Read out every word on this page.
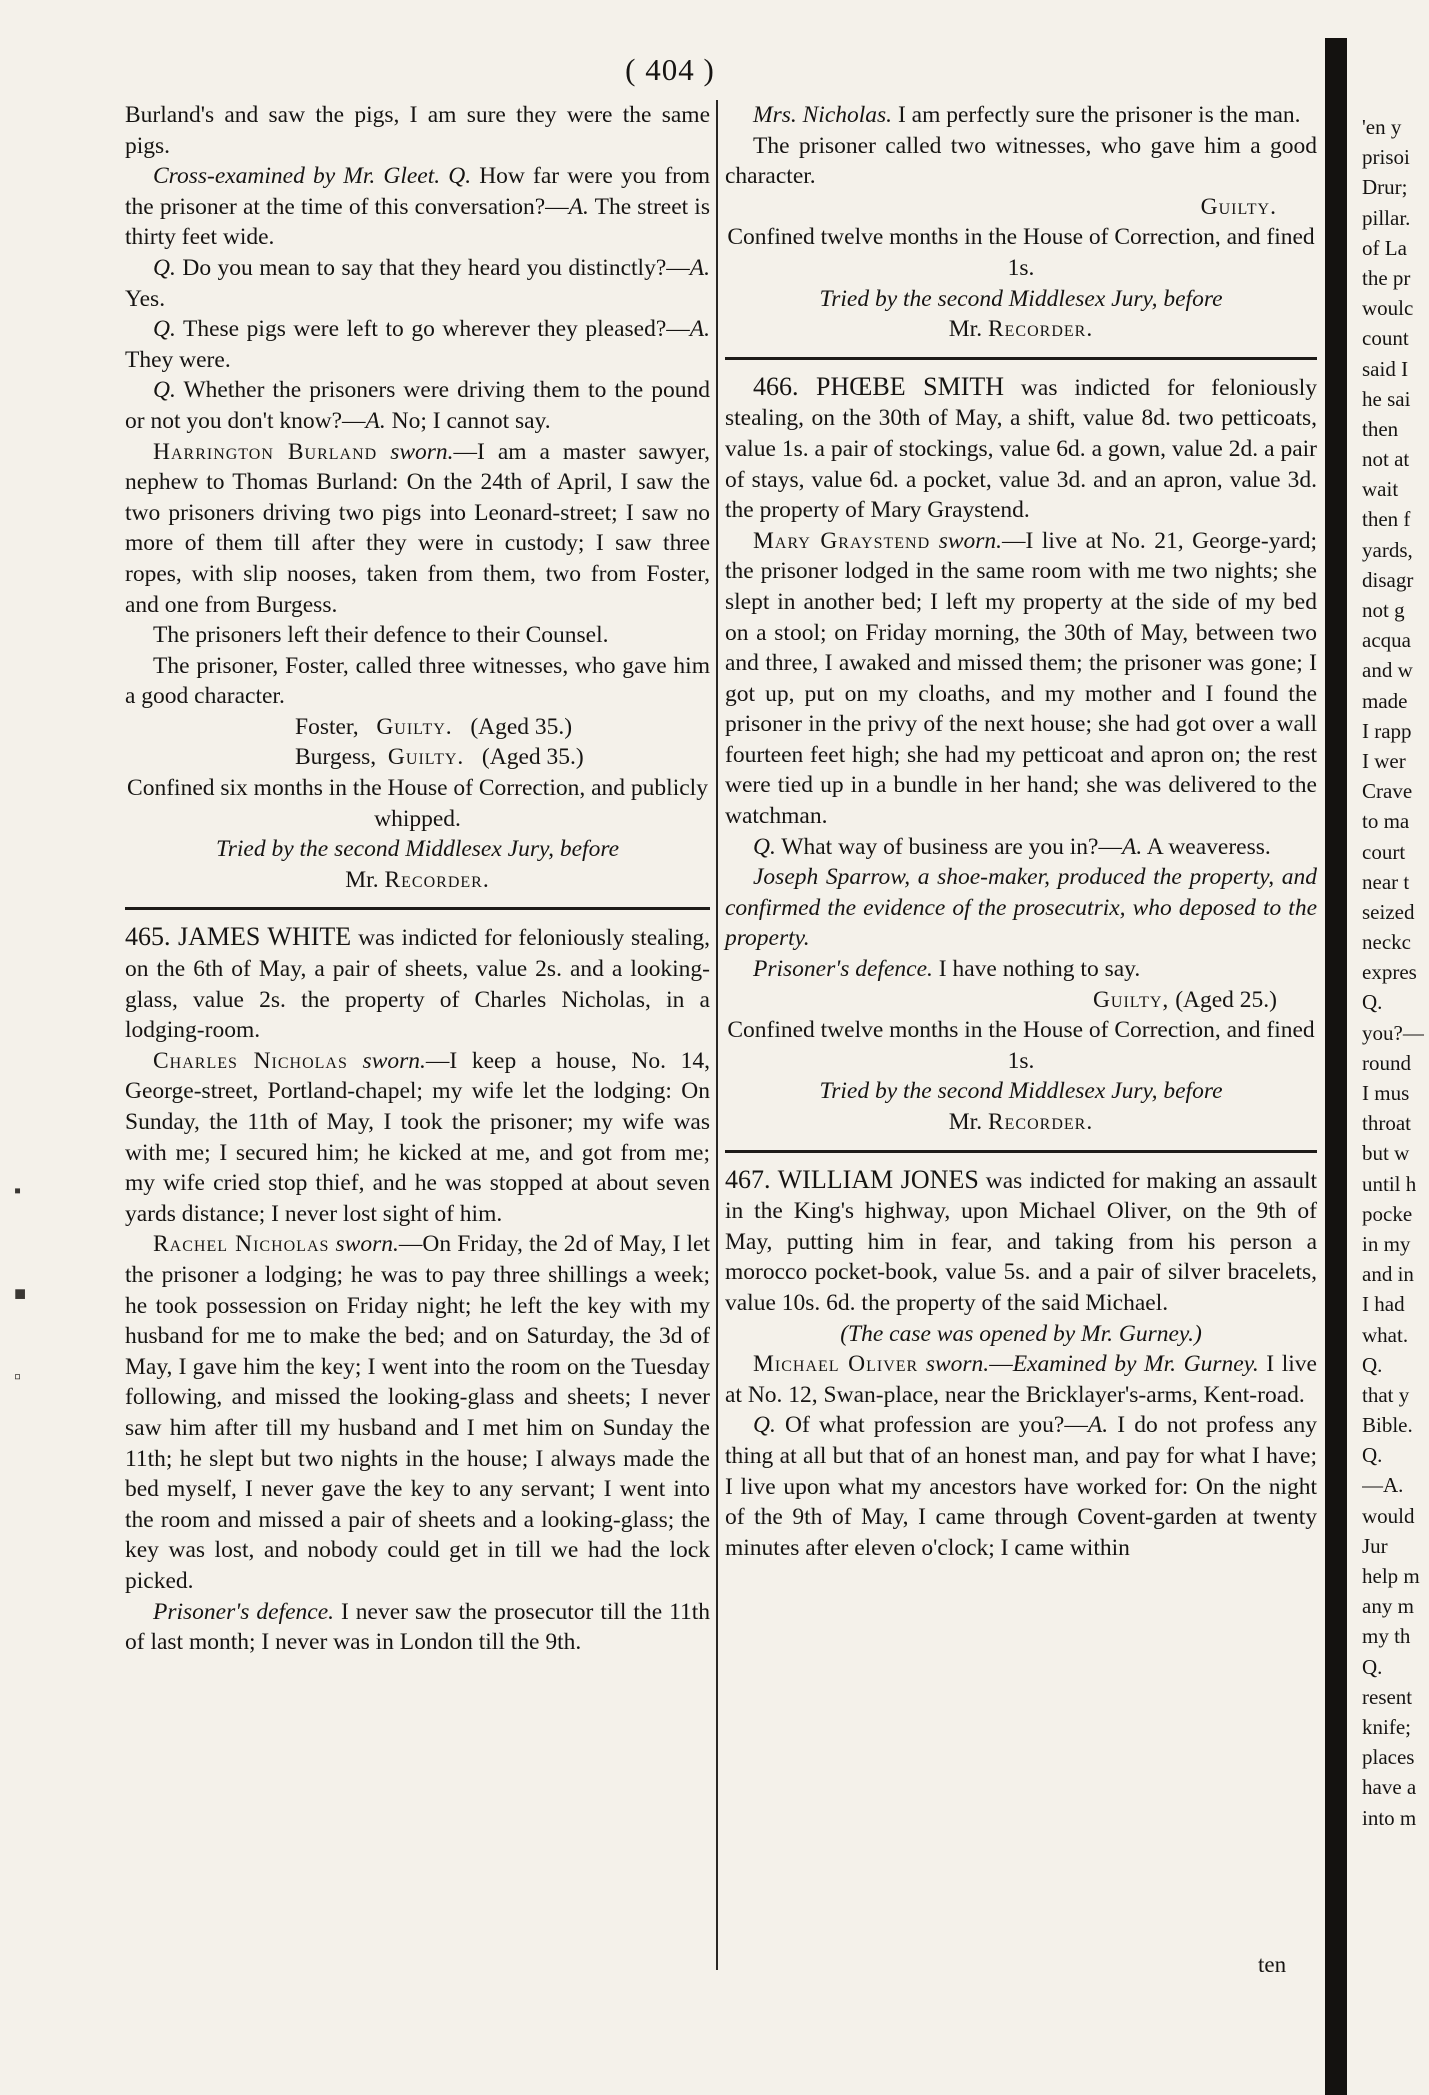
( 404 )

Burland's and saw the pigs, I am sure they were the same pigs.

Cross-examined by Mr. Gleet. Q. How far were you from the prisoner at the time of this conversation?—A. The street is thirty feet wide.

Q. Do you mean to say that they heard you distinctly?—A. Yes.

Q. These pigs were left to go wherever they pleased?—A. They were.

Q. Whether the prisoners were driving them to the pound or not you don't know?—A. No; I cannot say.

Harrington Burland sworn.—I am a master sawyer, nephew to Thomas Burland: On the 24th of April, I saw the two prisoners driving two pigs into Leonard-street; I saw no more of them till after they were in custody; I saw three ropes, with slip nooses, taken from them, two from Foster, and one from Burgess.

The prisoners left their defence to their Counsel.

The prisoner, Foster, called three witnesses, who gave him a good character.

Foster,   Guilty.   (Aged 35.)

Burgess,  Guilty.   (Aged 35.)

Confined six months in the House of Correction, and publicly whipped.

Tried by the second Middlesex Jury, before
Mr. Recorder.

465. JAMES WHITE was indicted for feloniously stealing, on the 6th of May, a pair of sheets, value 2s. and a looking-glass, value 2s. the property of Charles Nicholas, in a lodging-room.

Charles Nicholas sworn.—I keep a house, No. 14, George-street, Portland-chapel; my wife let the lodging: On Sunday, the 11th of May, I took the prisoner; my wife was with me; I secured him; he kicked at me, and got from me; my wife cried stop thief, and he was stopped at about seven yards distance; I never lost sight of him.

Rachel Nicholas sworn.—On Friday, the 2d of May, I let the prisoner a lodging; he was to pay three shillings a week; he took possession on Friday night; he left the key with my husband for me to make the bed; and on Saturday, the 3d of May, I gave him the key; I went into the room on the Tuesday following, and missed the looking-glass and sheets; I never saw him after till my husband and I met him on Sunday the 11th; he slept but two nights in the house; I always made the bed myself, I never gave the key to any servant; I went into the room and missed a pair of sheets and a looking-glass; the key was lost, and nobody could get in till we had the lock picked.

Prisoner's defence. I never saw the prosecutor till the 11th of last month; I never was in London till the 9th.

Mrs. Nicholas. I am perfectly sure the prisoner is the man.

The prisoner called two witnesses, who gave him a good character.

Guilty.

Confined twelve months in the House of Correction, and fined 1s.

Tried by the second Middlesex Jury, before
Mr. Recorder.

466. PHŒBE SMITH was indicted for feloniously stealing, on the 30th of May, a shift, value 8d. two petticoats, value 1s. a pair of stockings, value 6d. a gown, value 2d. a pair of stays, value 6d. a pocket, value 3d. and an apron, value 3d. the property of Mary Graystend.

Mary Graystend sworn.—I live at No. 21, George-yard; the prisoner lodged in the same room with me two nights; she slept in another bed; I left my property at the side of my bed on a stool; on Friday morning, the 30th of May, between two and three, I awaked and missed them; the prisoner was gone; I got up, put on my cloaths, and my mother and I found the prisoner in the privy of the next house; she had got over a wall fourteen feet high; she had my petticoat and apron on; the rest were tied up in a bundle in her hand; she was delivered to the watchman.

Q. What way of business are you in?—A. A weaveress.

Joseph Sparrow, a shoe-maker, produced the property, and confirmed the evidence of the prosecutrix, who deposed to the property.

Prisoner's defence. I have nothing to say.

Guilty, (Aged 25.)

Confined twelve months in the House of Correction, and fined 1s.

Tried by the second Middlesex Jury, before
Mr. Recorder.

467. WILLIAM JONES was indicted for making an assault in the King's highway, upon Michael Oliver, on the 9th of May, putting him in fear, and taking from his person a morocco pocket-book, value 5s. and a pair of silver bracelets, value 10s. 6d. the property of the said Michael.

(The case was opened by Mr. Gurney.)

Michael Oliver sworn.—Examined by Mr. Gurney. I live at No. 12, Swan-place, near the Bricklayer's-arms, Kent-road.

Q. Of what profession are you?—A. I do not profess any thing at all but that of an honest man, and pay for what I have; I live upon what my ancestors have worked for: On the night of the 9th of May, I came through Covent-garden at twenty minutes after eleven o'clock; I came within

ten
'en y
prisoi
Drur;
pillar.
of La
the pr
woulc
count
said I
he sai
then
not at
wait
then f
yards,
disagr
not g
acqua
and w
made
I rapp
I wer
Crave
to ma
court
near t
seized
neckc
expres
Q.
you?—
round
I mus
throat
but w
until h
pocke
in my
and in
I had
what.
Q.
that y
Bible.
Q.
—A.
would
Jur
help m
any m
my th
Q.
resent
knife;
places
have a
into m
▪
■
▫
